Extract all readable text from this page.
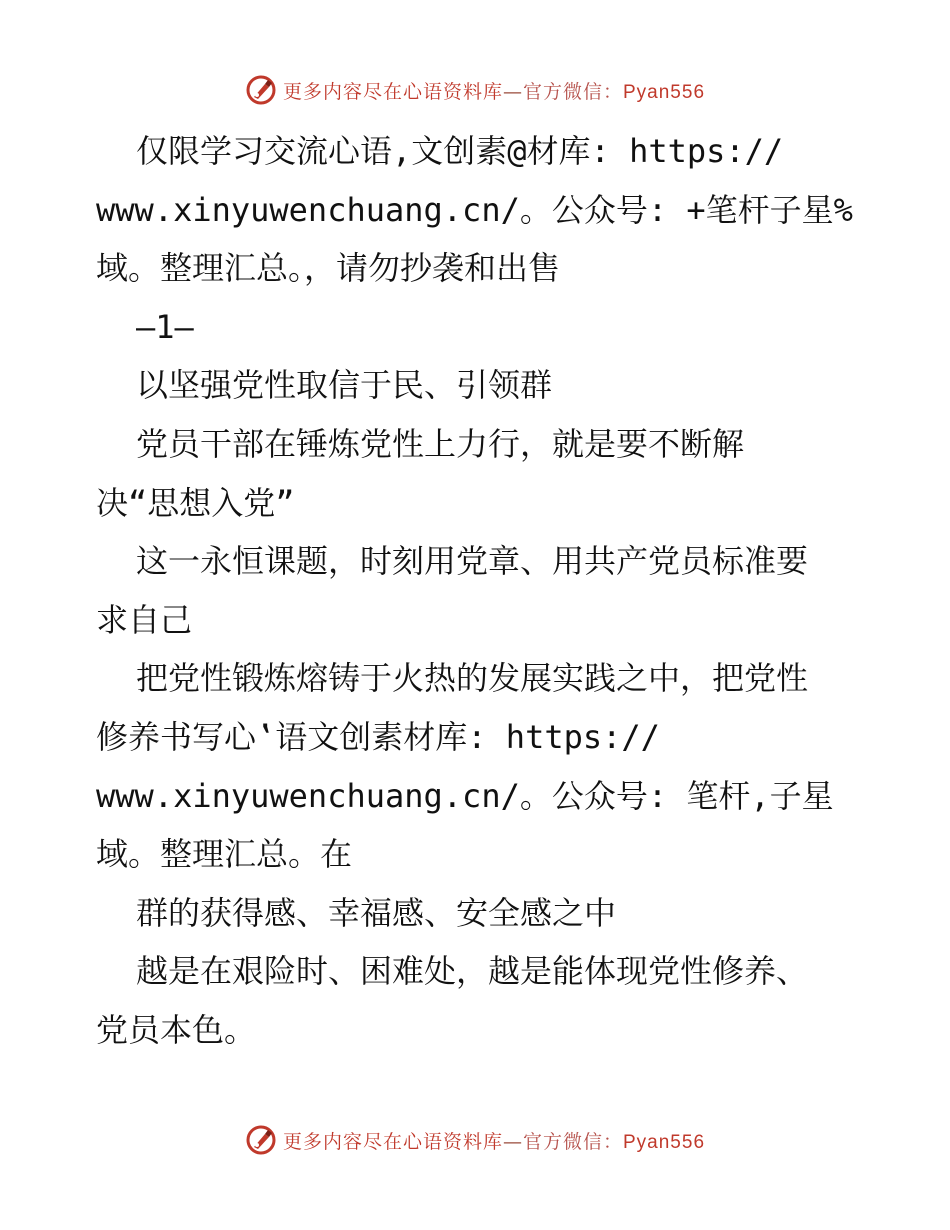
更多内容尽在心语资料库—官方微信：Pyan556
仅限学习交流心语,文创素@材库: https://
www.xinyuwenchuang.cn/。公众号: +笔杆子星%
域。整理汇总。，请勿抄袭和出售
—1—
以坚强党性取信于民、引领群
党员干部在锤炼党性上力行，就是要不断解
决“思想入党”
这一永恒课题，时刻用党章、用共产党员标准要
求自己
把党性锻炼熔铸于火热的发展实践之中，把党性
修养书写心‛语文创素材库: https://
www.xinyuwenchuang.cn/。公众号: 笔杆,子星
域。整理汇总。在
群的获得感、幸福感、安全感之中
越是在艰险时、困难处，越是能体现党性修养、
党员本色。
更多内容尽在心语资料库—官方微信：Pyan556
